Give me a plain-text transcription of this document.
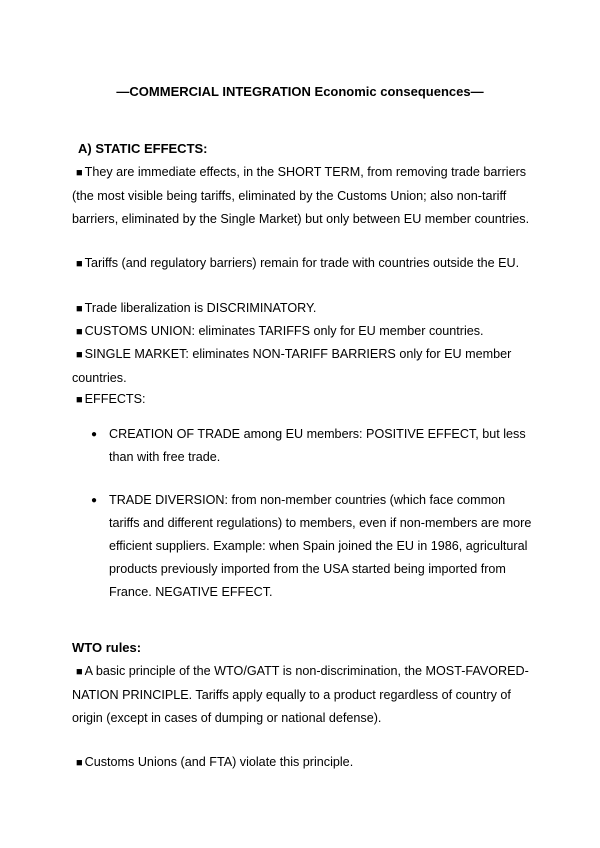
—COMMERCIAL INTEGRATION Economic consequences—
A) STATIC EFFECTS:
■ They are immediate effects, in the SHORT TERM, from removing trade barriers (the most visible being tariffs, eliminated by the Customs Union; also non-tariff barriers, eliminated by the Single Market) but only between EU member countries.
■ Tariffs (and regulatory barriers) remain for trade with countries outside the EU.
■ Trade liberalization is DISCRIMINATORY.
■ CUSTOMS UNION: eliminates TARIFFS only for EU member countries.
■ SINGLE MARKET: eliminates NON-TARIFF BARRIERS only for EU member countries.
■ EFFECTS:
● CREATION OF TRADE among EU members: POSITIVE EFFECT, but less than with free trade.
● TRADE DIVERSION: from non-member countries (which face common tariffs and different regulations) to members, even if non-members are more efficient suppliers. Example: when Spain joined the EU in 1986, agricultural products previously imported from the USA started being imported from France. NEGATIVE EFFECT.
WTO rules:
■ A basic principle of the WTO/GATT is non-discrimination, the MOST-FAVORED-NATION PRINCIPLE. Tariffs apply equally to a product regardless of country of origin (except in cases of dumping or national defense).
■ Customs Unions (and FTA) violate this principle.
